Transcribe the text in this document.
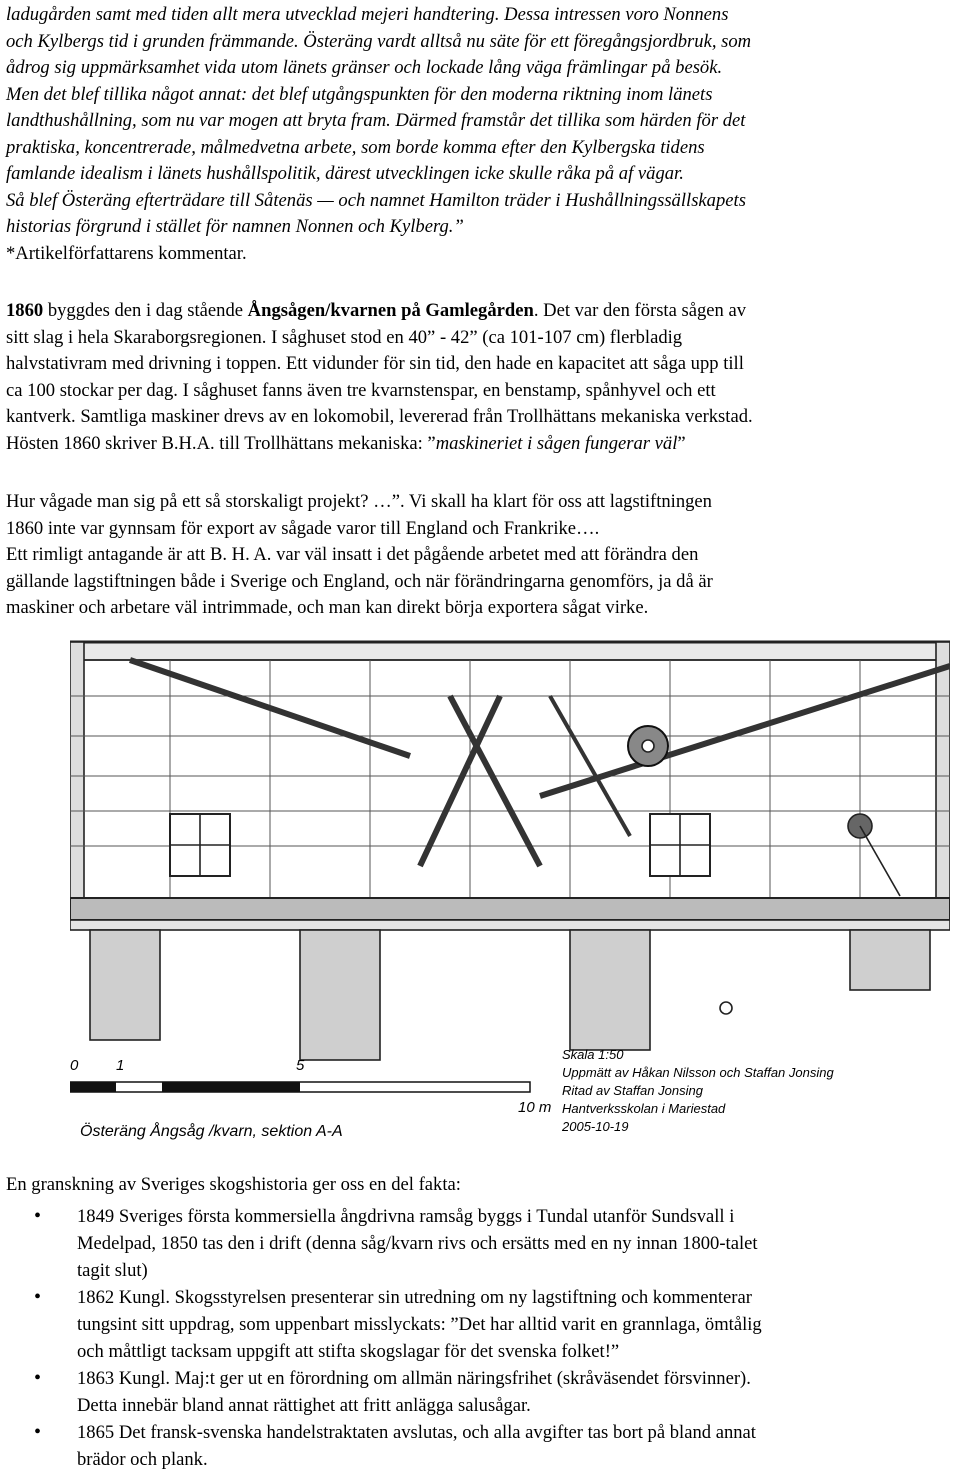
ladugården samt med tiden allt mera utvecklad mejeri handtering. Dessa intressen voro Nonnens

och Kylbergs tid i grunden främmande. Österäng vardt alltså nu säte för ett föregångsjordbruk, som

ådrog sig uppmärksamhet vida utom länets gränser och lockade lång väga främlingar på besök.

Men det blef tillika något annat: det blef utgångspunkten för den moderna riktning inom länets

landthushållning, som nu var mogen att bryta fram. Därmed framstår det tillika som härden för det

praktiska, koncentrerade, målmedvetna arbete, som borde komma efter den Kylbergska tidens

famlande idealism i länets hushållspolitik, därest utvecklingen icke skulle råka på af vägar.

Så blef Österäng efterträdare till Såtenäs — och namnet Hamilton träder i Hushållningssällskapets

historias förgrund i stället för namnen Nonnen och Kylberg.”

*Artikelförfattarens kommentar.

1860 byggdes den i dag stående Ångsågen/kvarnen på Gamlegården. Det var den första sågen av

sitt slag i hela Skaraborgsregionen. I såghuset stod en 40” - 42” (ca 101-107 cm) flerbladig

halvstativram med drivning i toppen. Ett vidunder för sin tid, den hade en kapacitet att såga upp till

ca 100 stockar per dag. I såghuset fanns även tre kvarnstenspar, en benstamp, spånhyvel och ett

kantverk. Samtliga maskiner drevs av en lokomobil, levererad från Trollhättans mekaniska verkstad.

Hösten 1860 skriver B.H.A. till Trollhättans mekaniska: ”maskineriet i sågen fungerar väl”

Hur vågade man sig på ett så storskaligt projekt? …”. Vi skall ha klart för oss att lagstiftningen

1860 inte var gynnsam för export av sågade varor till England och Frankrike….

Ett rimligt antagande är att B. H. A. var väl insatt i det pågående arbetet med att förändra den

gällande lagstiftningen både i Sverige och England, och när förändringarna genomförs, ja då är

maskiner och arbetare väl intrimmade, och man kan direkt börja exportera sågat virke.

0	1	5
10 m
Österäng Ångsåg /kvarn, sektion A-A
Skala 1:50
Uppmätt av Håkan Nilsson och Staffan Jonsing
Ritad av Staffan Jonsing
Hantverksskolan i Mariestad
2005-10-19

En granskning av Sveriges skogshistoria ger oss en del fakta:

• 1849 Sveriges första kommersiella ångdrivna ramsåg byggs i Tundal utanför Sundsvall i
Medelpad, 1850 tas den i drift (denna såg/kvarn rivs och ersätts med en ny innan 1800-talet
tagit slut)
• 1862 Kungl. Skogsstyrelsen presenterar sin utredning om ny lagstiftning och kommenterar
tungsint sitt uppdrag, som uppenbart misslyckats: ”Det har alltid varit en grannlaga, ömtålig
och måttligt tacksam uppgift att stifta skogslagar för det svenska folket!”
• 1863 Kungl. Maj:t ger ut en förordning om allmän näringsfrihet (skråväsendet försvinner).
Detta innebär bland annat rättighet att fritt anlägga salusågar.
• 1865 Det fransk-svenska handelstraktaten avslutas, och alla avgifter tas bort på bland annat
brädor och plank.
